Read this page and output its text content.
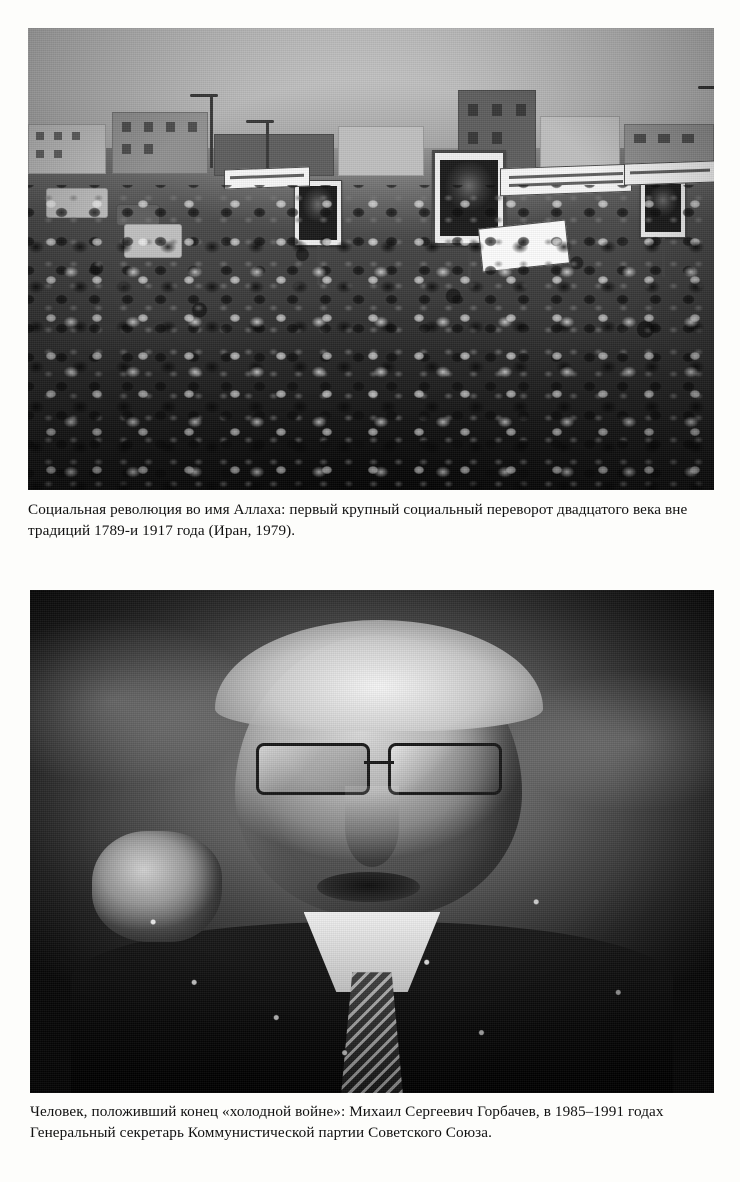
Социальная революция во имя Аллаха: первый крупный социальный переворот двадцатого века вне традиций 1789-и 1917 года (Иран, 1979).
Человек, положивший конец «холодной войне»: Михаил Сергеевич Горбачев, в 1985–1991 годах Генеральный секретарь Коммунистической партии Советского Союза.
